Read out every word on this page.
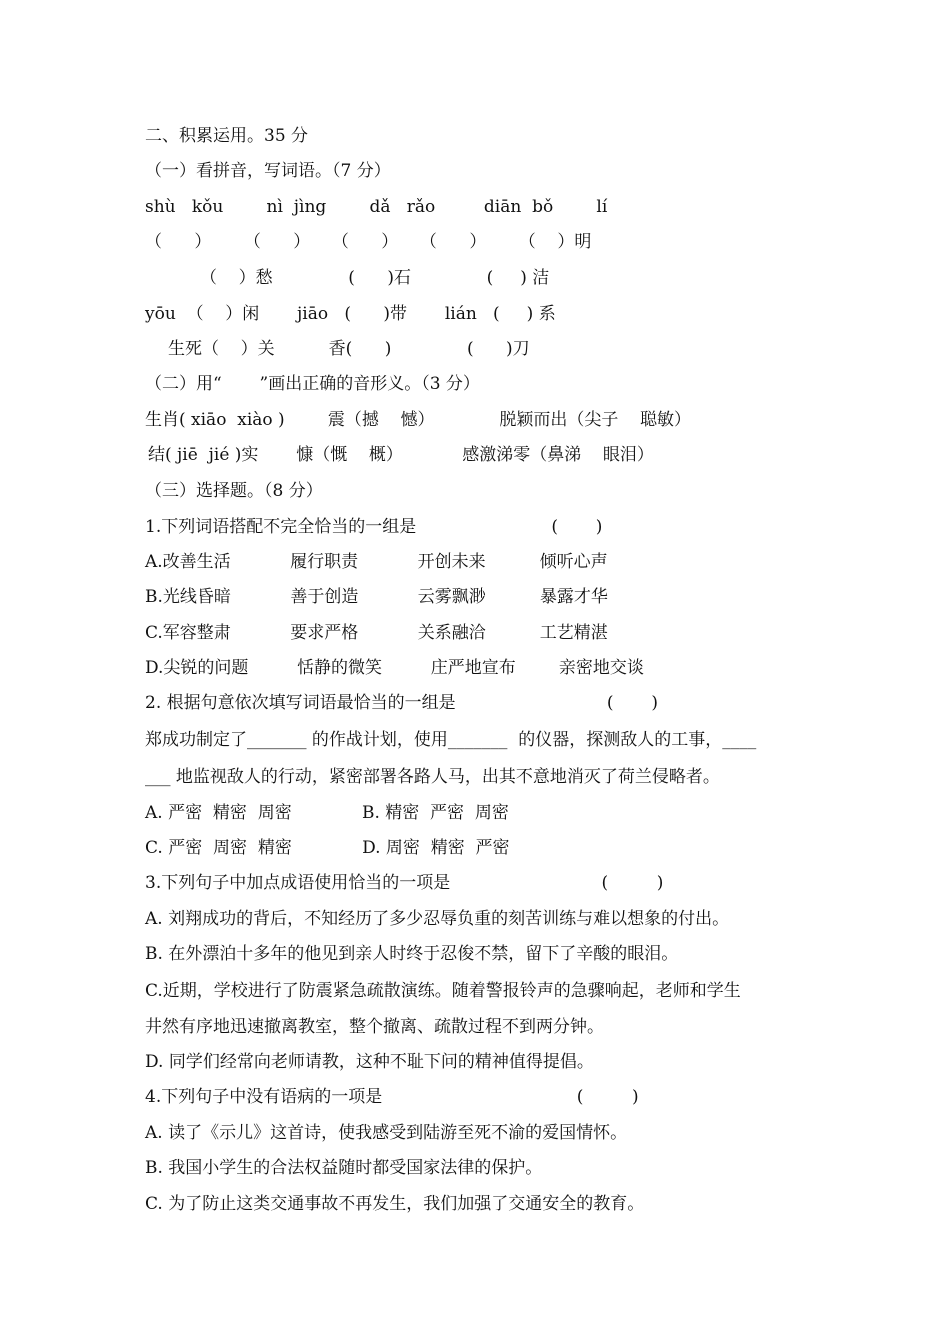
二、积累运用。35 分
（一）看拼音，写词语。（7 分）
shù   kǒu        nì  jìng        dǎ   rǎo         diān  bǒ        lí
（      ）      （      ）    （      ）    （      ）      （    ）明
（    ）愁              (      )石              (     ) 洁
yōu  （    ）闲       jiāo   (      )带       lián   (     ) 系
生死（    ）关          香(      )              (      )刀
（二）用“       ”画出正确的音形义。（3 分）
生肖( xiāo  xiào )        震（撼    憾）            脱颖而出（尖子    聪敏）
结( jiē  jié )实       慷（慨    概）           感激涕零（鼻涕    眼泪）
（三）选择题。（8 分）
1.下列词语搭配不完全恰当的一组是                         (       )
A.改善生活           履行职责           开创未来          倾听心声
B.光线昏暗           善于创造           云雾飘渺          暴露才华
C.军容整肃           要求严格           关系融洽          工艺精湛
D.尖锐的问题         恬静的微笑         庄严地宣布        亲密地交谈
2. 根据句意依次填写词语最恰当的一组是                            (       )
郑成功制定了_______ 的作战计划，使用_______  的仪器，探测敌人的工事，____
___ 地监视敌人的行动，紧密部署各路人马，出其不意地消灭了荷兰侵略者。
A. 严密  精密  周密             B. 精密  严密  周密
C. 严密  周密  精密             D. 周密  精密  严密
3.下列句子中加点成语使用恰当的一项是                            (         )
A. 刘翔成功的背后，不知经历了多少忍辱负重的刻苦训练与难以想象的付出。
B. 在外漂泊十多年的他见到亲人时终于忍俊不禁，留下了辛酸的眼泪。
C.近期，学校进行了防震紧急疏散演练。随着警报铃声的急骤响起，老师和学生
井然有序地迅速撤离教室，整个撤离、疏散过程不到两分钟。
D. 同学们经常向老师请教，这种不耻下问的精神值得提倡。
4.下列句子中没有语病的一项是                                    (         )
A. 读了《示儿》这首诗，使我感受到陆游至死不渝的爱国情怀。
B. 我国小学生的合法权益随时都受国家法律的保护。
C. 为了防止这类交通事故不再发生，我们加强了交通安全的教育。
